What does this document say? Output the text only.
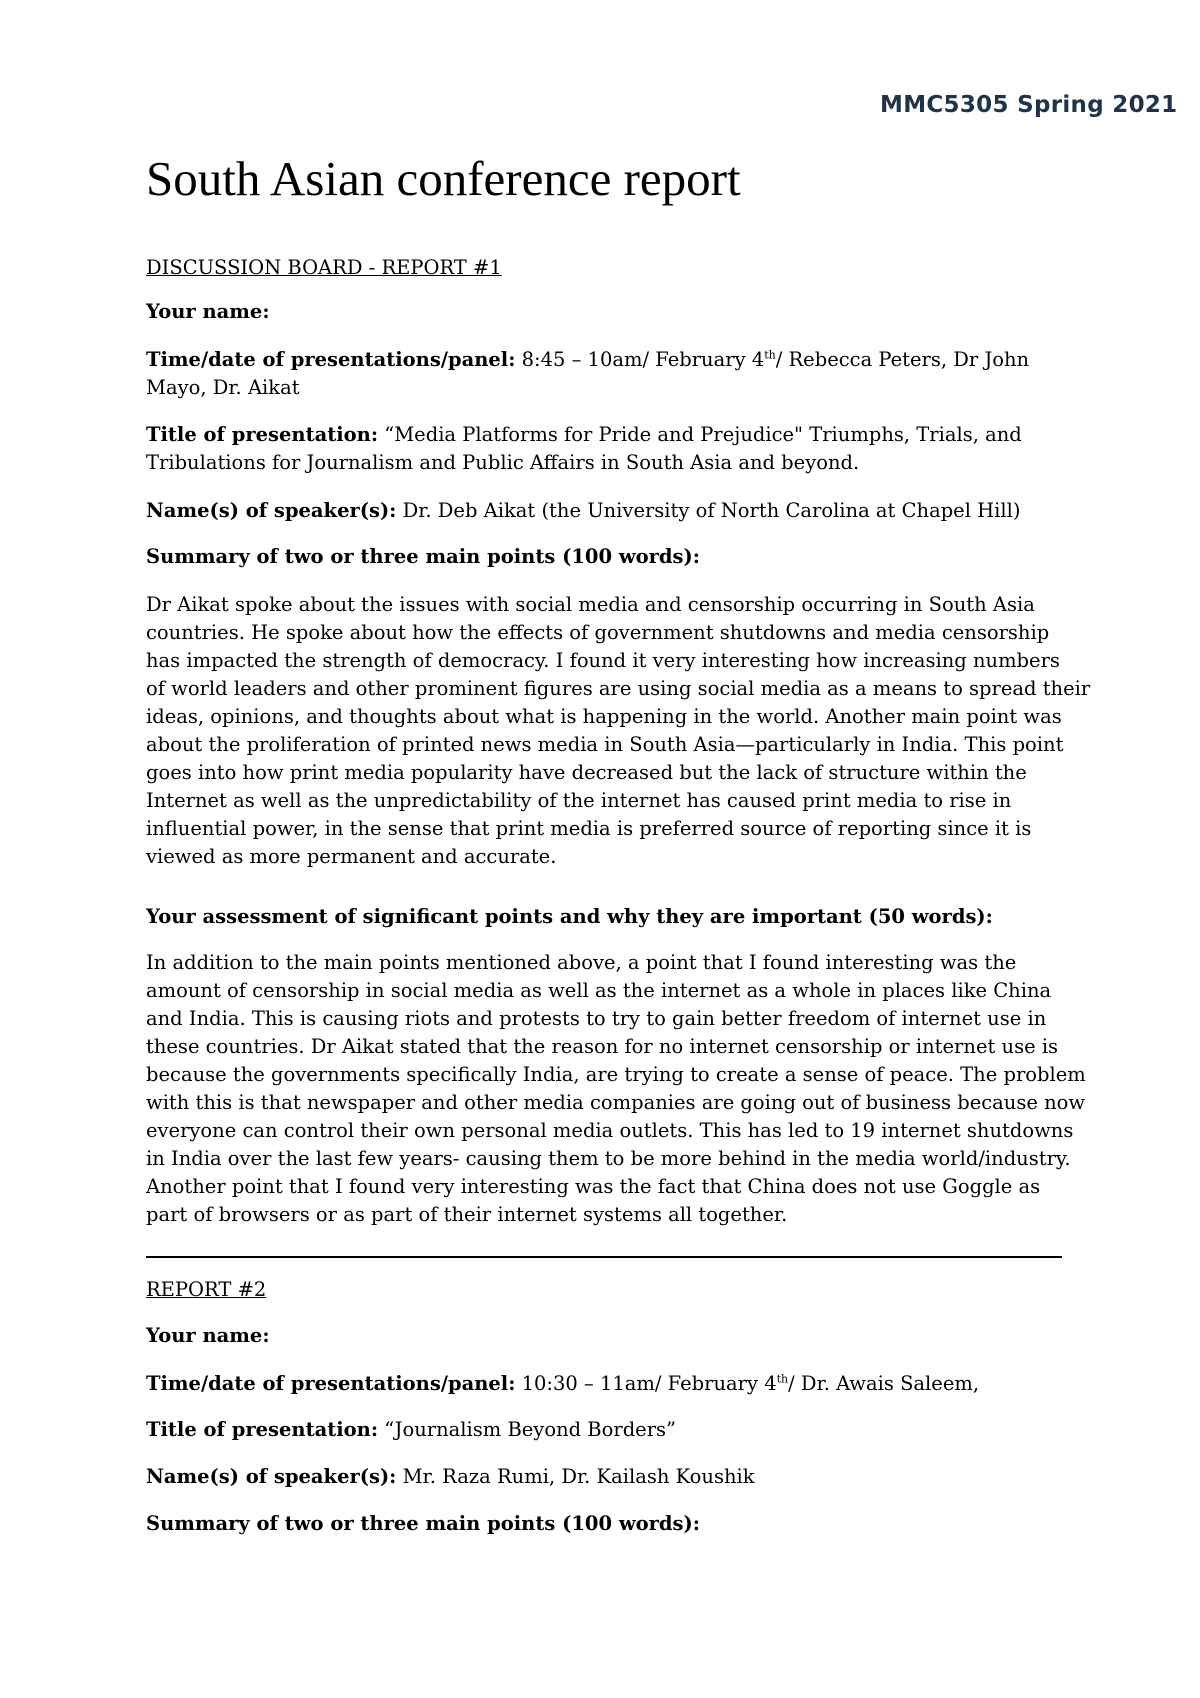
MMC5305 Spring 2021
South Asian conference report

DISCUSSION BOARD - REPORT #1

Your name:

Time/date of presentations/panel: 8:45 – 10am/ February 4th/ Rebecca Peters, Dr John

Mayo, Dr. Aikat

Title of presentation: “Media Platforms for Pride and Prejudice" Triumphs, Trials, and

Tribulations for Journalism and Public Affairs in South Asia and beyond.

Name(s) of speaker(s): Dr. Deb Aikat (the University of North Carolina at Chapel Hill)

Summary of two or three main points (100 words):

Dr Aikat spoke about the issues with social media and censorship occurring in South Asia
countries. He spoke about how the effects of government shutdowns and media censorship
has impacted the strength of democracy. I found it very interesting how increasing numbers
of world leaders and other prominent figures are using social media as a means to spread their
ideas, opinions, and thoughts about what is happening in the world. Another main point was
about the proliferation of printed news media in South Asia—particularly in India. This point
goes into how print media popularity have decreased but the lack of structure within the
Internet as well as the unpredictability of the internet has caused print media to rise in
influential power, in the sense that print media is preferred source of reporting since it is
viewed as more permanent and accurate.

Your assessment of significant points and why they are important (50 words):

In addition to the main points mentioned above, a point that I found interesting was the
amount of censorship in social media as well as the internet as a whole in places like China
and India. This is causing riots and protests to try to gain better freedom of internet use in
these countries. Dr Aikat stated that the reason for no internet censorship or internet use is
because the governments specifically India, are trying to create a sense of peace. The problem
with this is that newspaper and other media companies are going out of business because now
everyone can control their own personal media outlets. This has led to 19 internet shutdowns
in India over the last few years- causing them to be more behind in the media world/industry.
Another point that I found very interesting was the fact that China does not use Goggle as
part of browsers or as part of their internet systems all together.

REPORT #2

Your name:

Time/date of presentations/panel: 10:30 – 11am/ February 4th/ Dr. Awais Saleem,

Title of presentation: “Journalism Beyond Borders”

Name(s) of speaker(s): Mr. Raza Rumi, Dr. Kailash Koushik

Summary of two or three main points (100 words):
